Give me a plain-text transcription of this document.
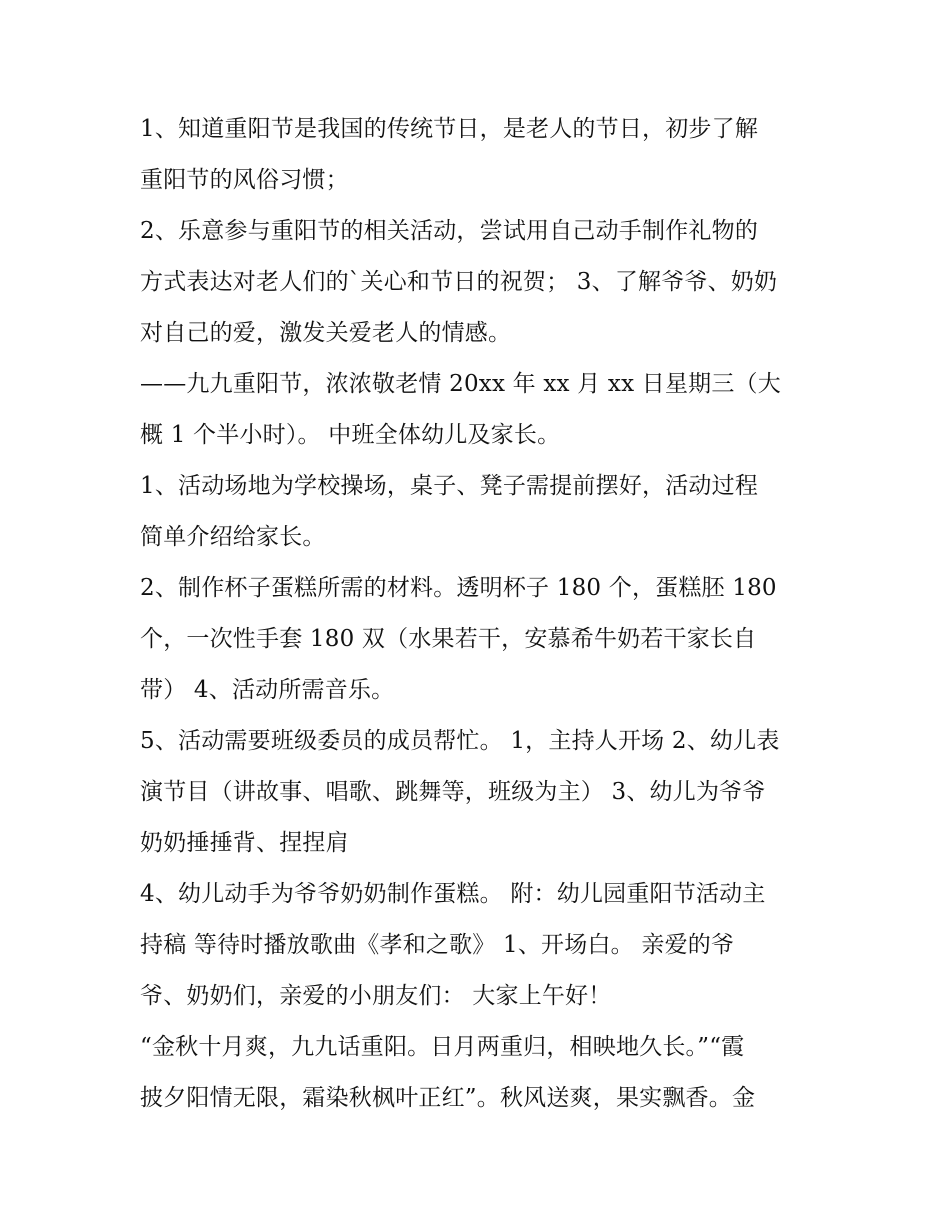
1、知道重阳节是我国的传统节日，是老人的节日，初步了解
重阳节的风俗习惯；
2、乐意参与重阳节的相关活动，尝试用自己动手制作礼物的
方式表达对老人们的`关心和节日的祝贺； 3、了解爷爷、奶奶
对自己的爱，激发关爱老人的情感。
——九九重阳节，浓浓敬老情 20xx 年 xx 月 xx 日星期三（大
概 1 个半小时）。 中班全体幼儿及家长。
1、活动场地为学校操场，桌子、凳子需提前摆好，活动过程
简单介绍给家长。
2、制作杯子蛋糕所需的材料。透明杯子 180 个，蛋糕胚 180
个，一次性手套 180 双（水果若干，安慕希牛奶若干家长自
带） 4、活动所需音乐。
5、活动需要班级委员的成员帮忙。 1，主持人开场 2、幼儿表
演节目（讲故事、唱歌、跳舞等，班级为主） 3、幼儿为爷爷
奶奶捶捶背、捏捏肩
4、幼儿动手为爷爷奶奶制作蛋糕。 附：幼儿园重阳节活动主
持稿 等待时播放歌曲《孝和之歌》 1、开场白。 亲爱的爷
爷、奶奶们，亲爱的小朋友们： 大家上午好！
“金秋十月爽，九九话重阳。日月两重归，相映地久长。”“霞
披夕阳情无限，霜染秋枫叶正红”。秋风送爽，果实飘香。金
